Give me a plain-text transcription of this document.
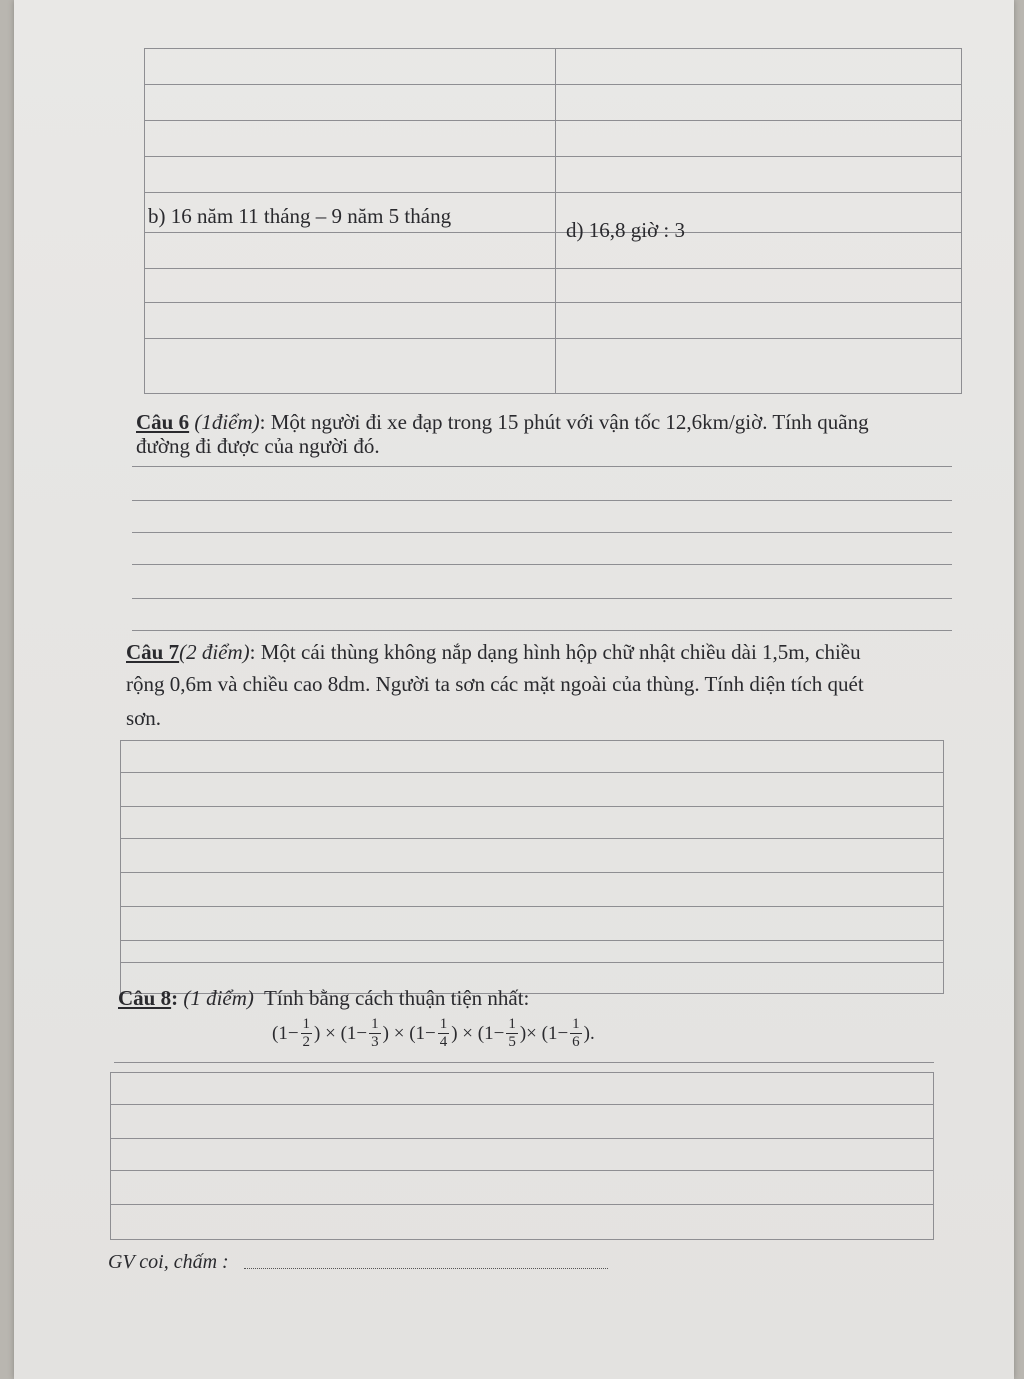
b) 16 năm 11 tháng – 9 năm 5 tháng
d) 16,8 giờ : 3
Câu 6 (1điểm): Một người đi xe đạp trong 15 phút với vận tốc 12,6km/giờ. Tính quãng
đường đi được của người đó.
Câu 7(2 điểm): Một cái thùng không nắp dạng hình hộp chữ nhật chiều dài 1,5m, chiều
rộng 0,6m và chiều cao 8dm. Người ta sơn các mặt ngoài của thùng. Tính diện tích quét
sơn.
Câu 8: (1 điểm) Tính bằng cách thuận tiện nhất:
($1- \frac{1}{2}$ ) ×
($1- \frac{1}{3}$ ) ×
($1- \frac{1}{4}$ ) ×
($1- \frac{1}{5}$ )×
($1- \frac{1}{6}$ ).
GV coi, chấm :
